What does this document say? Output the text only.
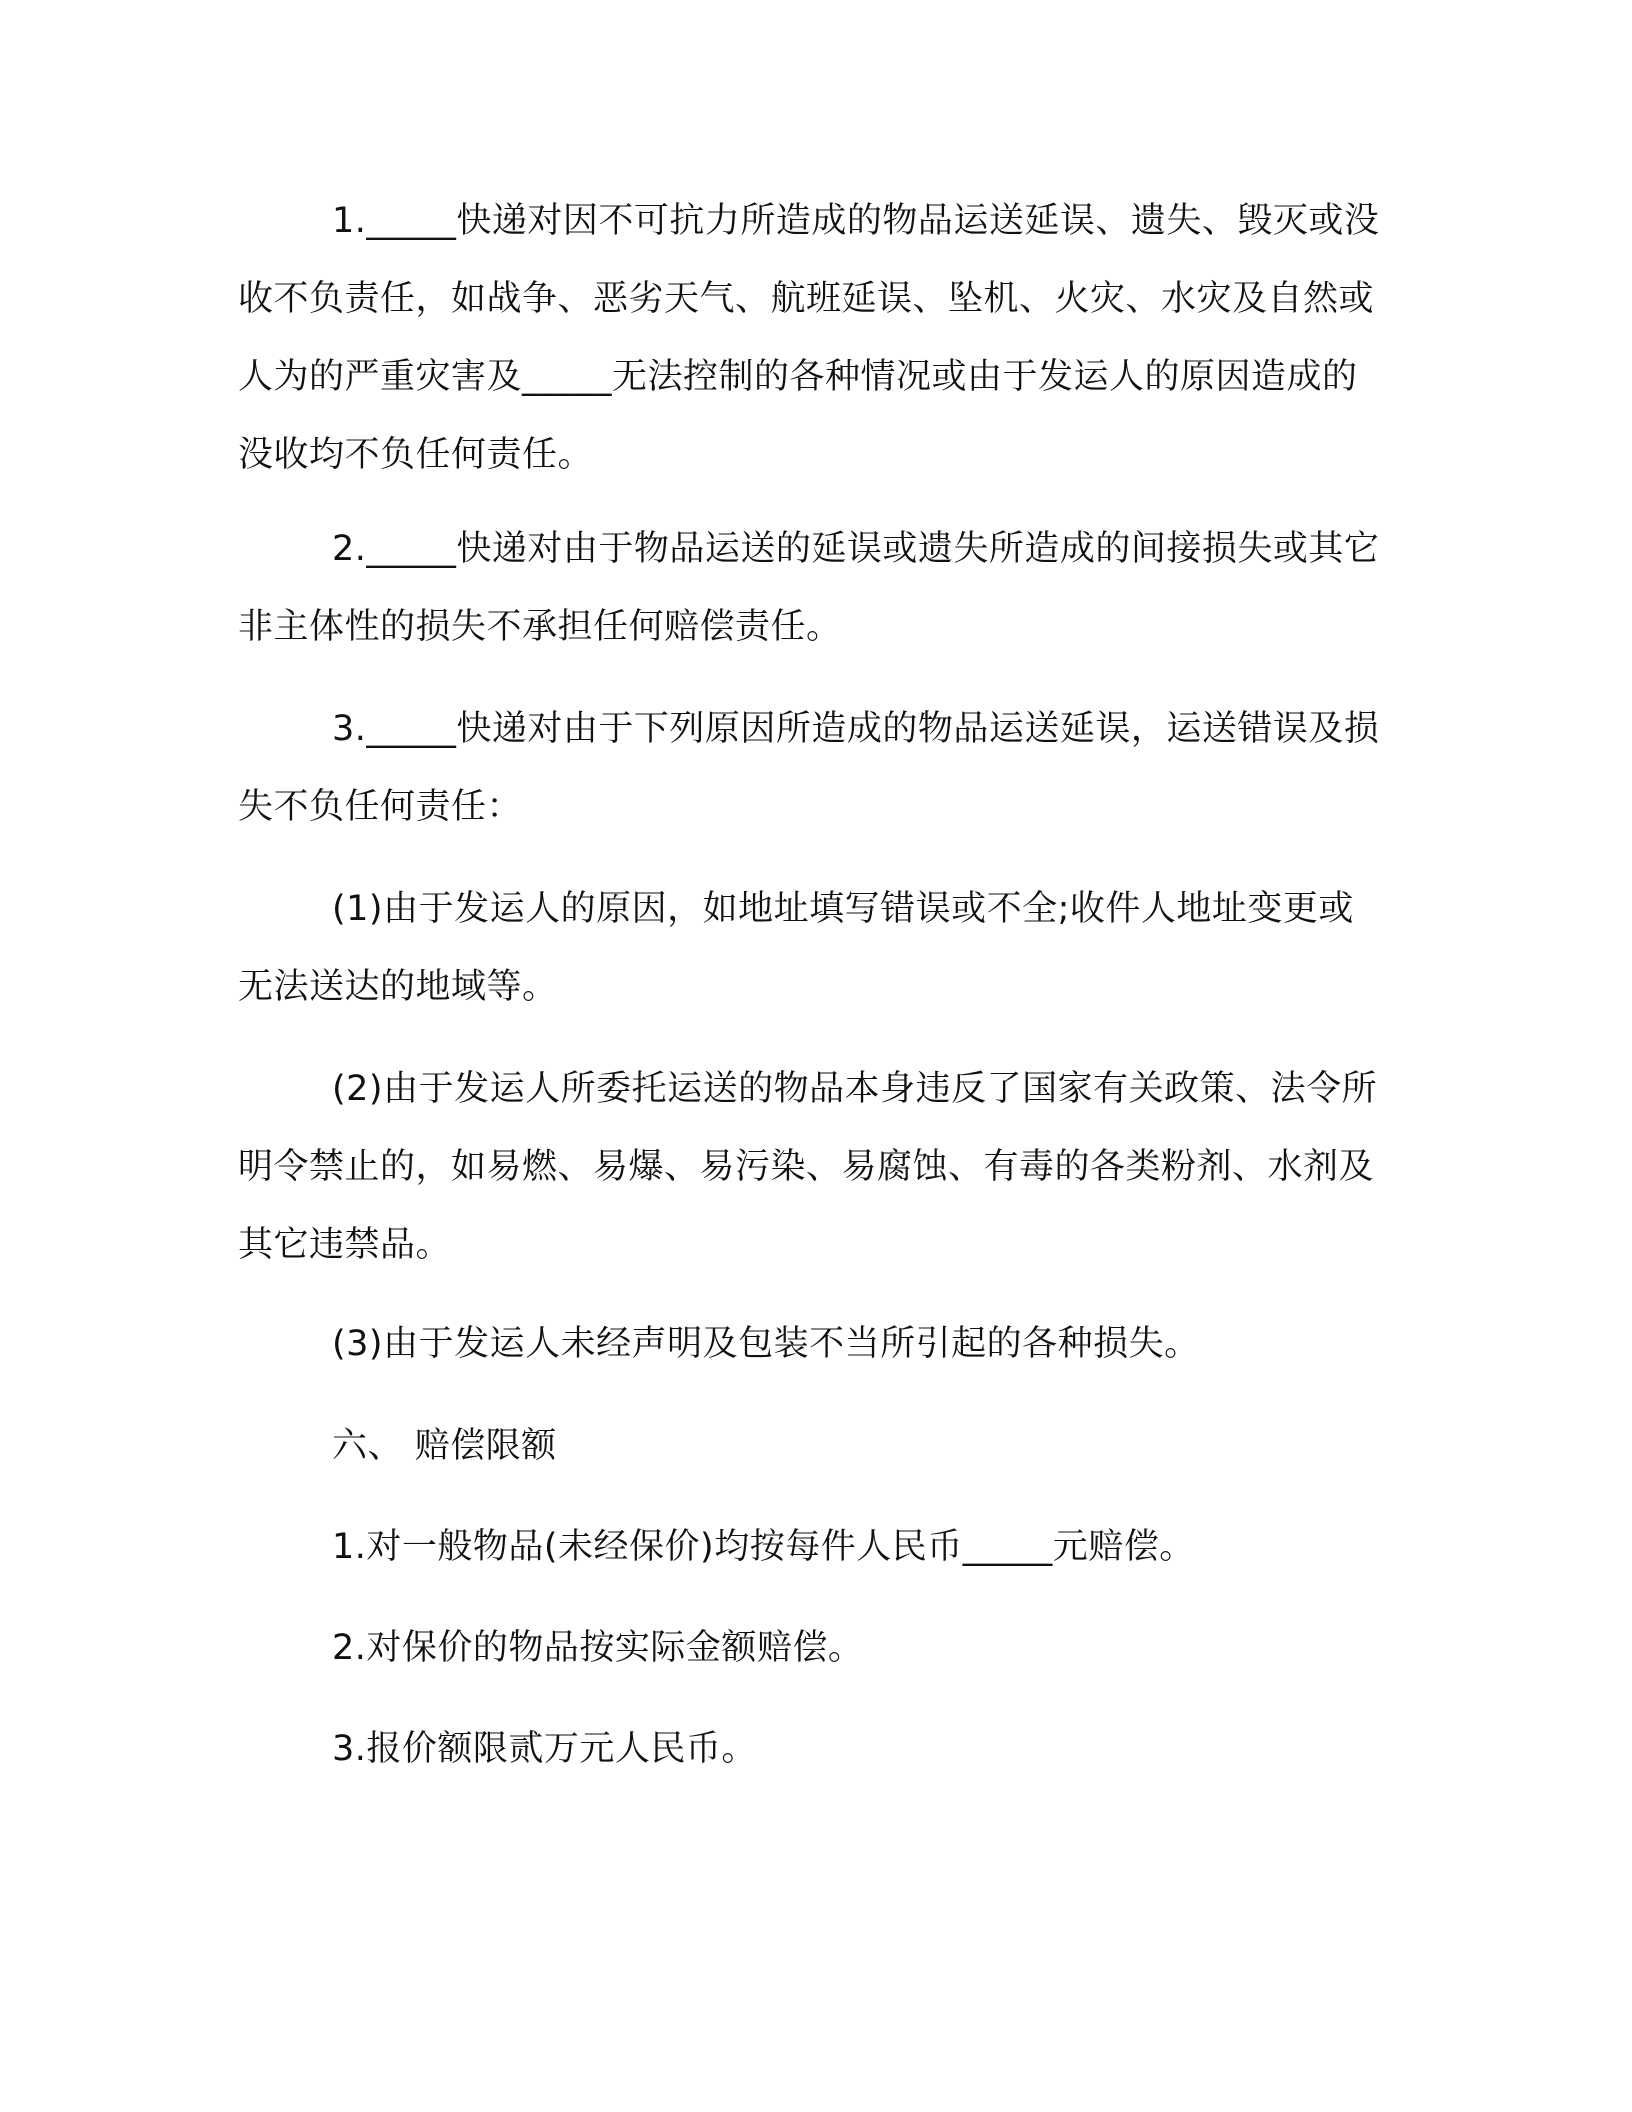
1._____快递对因不可抗力所造成的物品运送延误、遗失、毁灭或没收不负责任，如战争、恶劣天气、航班延误、坠机、火灾、水灾及自然或人为的严重灾害及_____无法控制的各种情况或由于发运人的原因造成的没收均不负任何责任。

2._____快递对由于物品运送的延误或遗失所造成的间接损失或其它非主体性的损失不承担任何赔偿责任。

3._____快递对由于下列原因所造成的物品运送延误，运送错误及损失不负任何责任：

(1)由于发运人的原因，如地址填写错误或不全;收件人地址变更或无法送达的地域等。

(2)由于发运人所委托运送的物品本身违反了国家有关政策、法令所明令禁止的，如易燃、易爆、易污染、易腐蚀、有毒的各类粉剂、水剂及其它违禁品。

(3)由于发运人未经声明及包装不当所引起的各种损失。

六、 赔偿限额

1.对一般物品(未经保价)均按每件人民币_____元赔偿。

2.对保价的物品按实际金额赔偿。

3.报价额限贰万元人民币。
